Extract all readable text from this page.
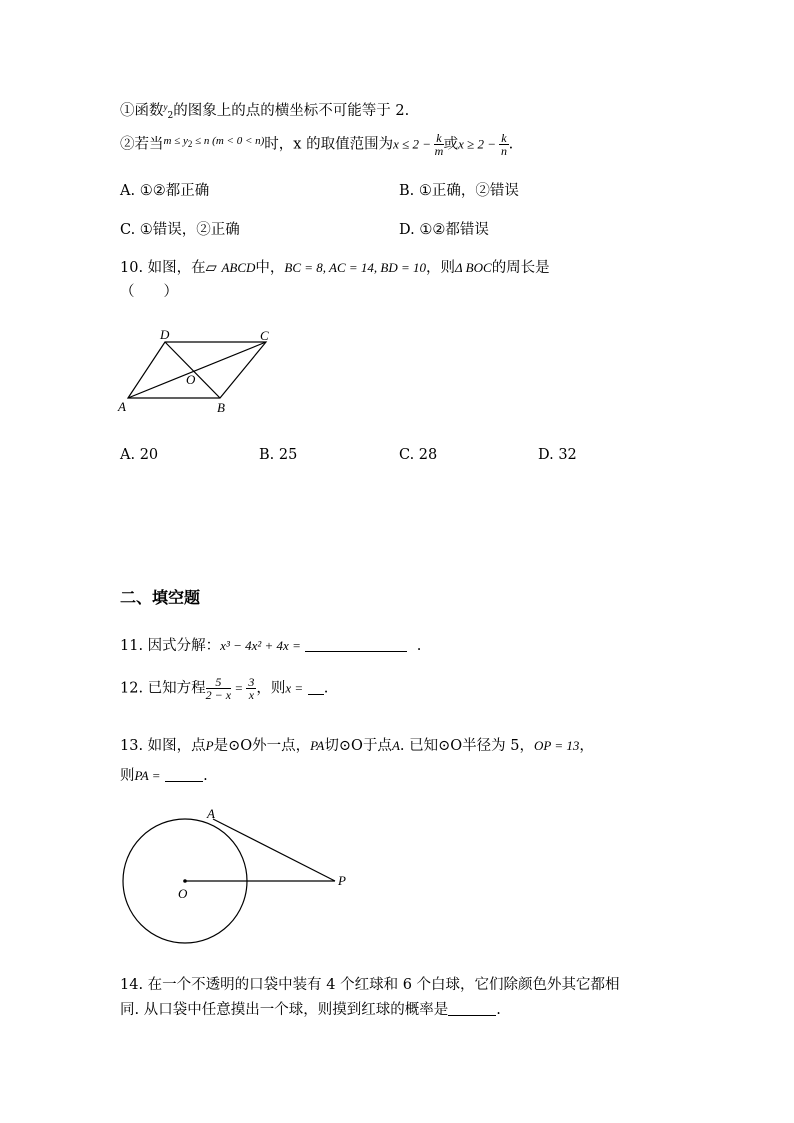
①函数$^y_2$的图象上的点的横坐标不可能等于 2.
②若当$^{m \le y_2 \le n (m < 0 < n)}$时，x 的取值范围为$x \le 2 - \frac{k}{m}$ 或$x \ge 2 - \frac{k}{n}$ .
A. ①②都正确	B. ①正确，②错误
C. ①错误，②正确	D. ①②都错误
10. 如图，在▱ ABCD中，BC = 8, AC = 14, BD = 10，则Δ BOC的周长是
（　　）
D	C
O
A	B
A. 20	B. 25	C. 28	D. 32
二、填空题
11. 因式分解：x³ − 4x² + 4x =	.
12. 已知方程 $\frac{5}{2 - x} = \frac{3}{x}$ ，则x = .
13. 如图，点P是⊙O外一点，PA切⊙O于点A. 已知⊙O半径为 5，OP = 13，
则PA =	.
A
O
P
14. 在一个不透明的口袋中装有 4 个红球和 6 个白球，它们除颜色外其它都相
同. 从口袋中任意摸出一个球，则摸到红球的概率是	.
